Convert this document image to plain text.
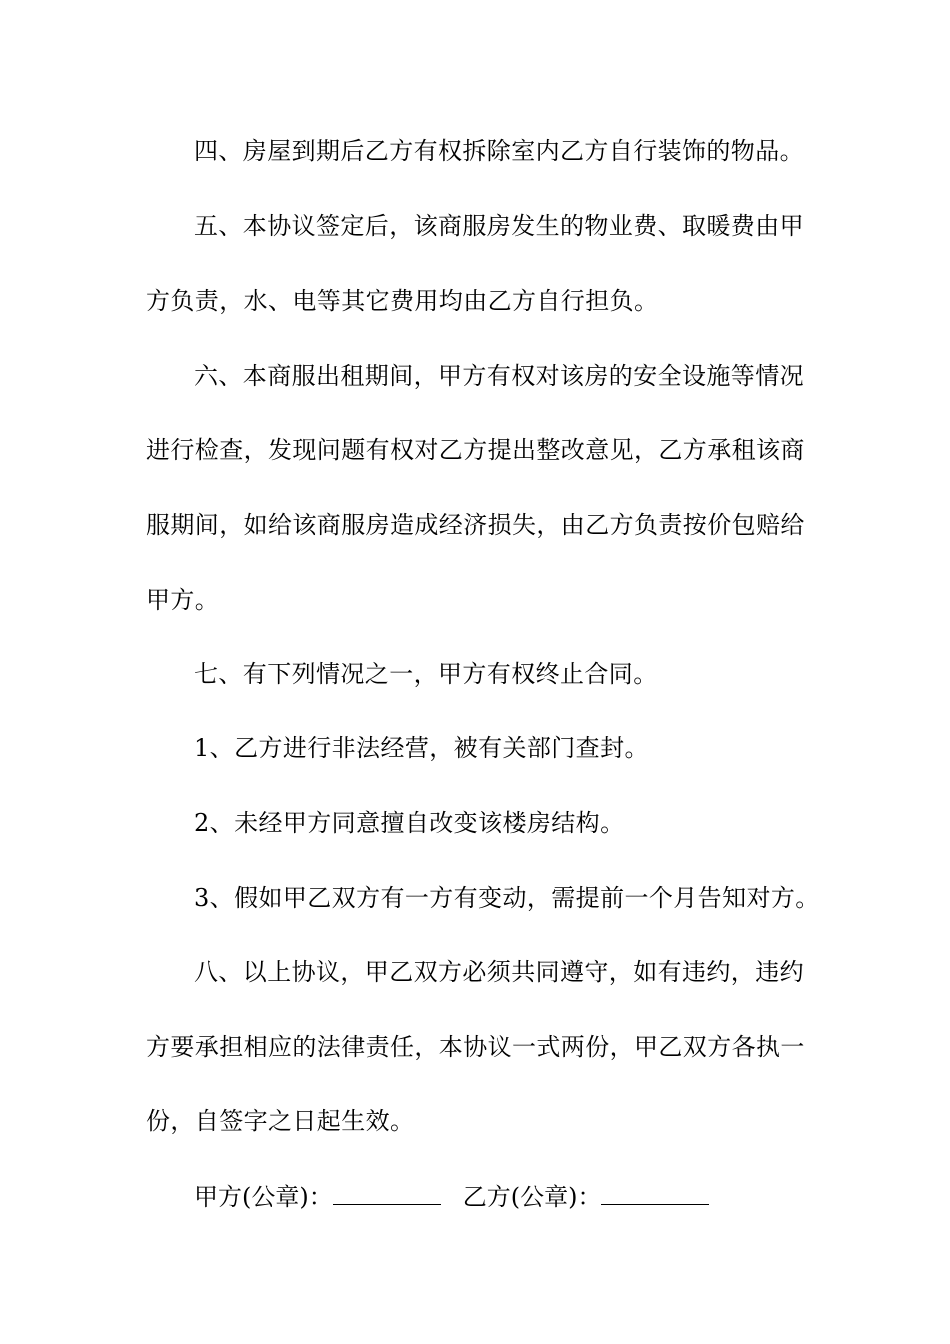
四、房屋到期后乙方有权拆除室内乙方自行装饰的物品。
五、本协议签定后，该商服房发生的物业费、取暖费由甲
方负责，水、电等其它费用均由乙方自行担负。
六、本商服出租期间，甲方有权对该房的安全设施等情况
进行检查，发现问题有权对乙方提出整改意见，乙方承租该商
服期间，如给该商服房造成经济损失，由乙方负责按价包赔给
甲方。
七、有下列情况之一，甲方有权终止合同。
1、乙方进行非法经营，被有关部门查封。
2、未经甲方同意擅自改变该楼房结构。
3、假如甲乙双方有一方有变动，需提前一个月告知对方。
八、以上协议，甲乙双方必须共同遵守，如有违约，违约
方要承担相应的法律责任，本协议一式两份，甲乙双方各执一
份，自签字之日起生效。
甲方(公章)：	乙方(公章)：
